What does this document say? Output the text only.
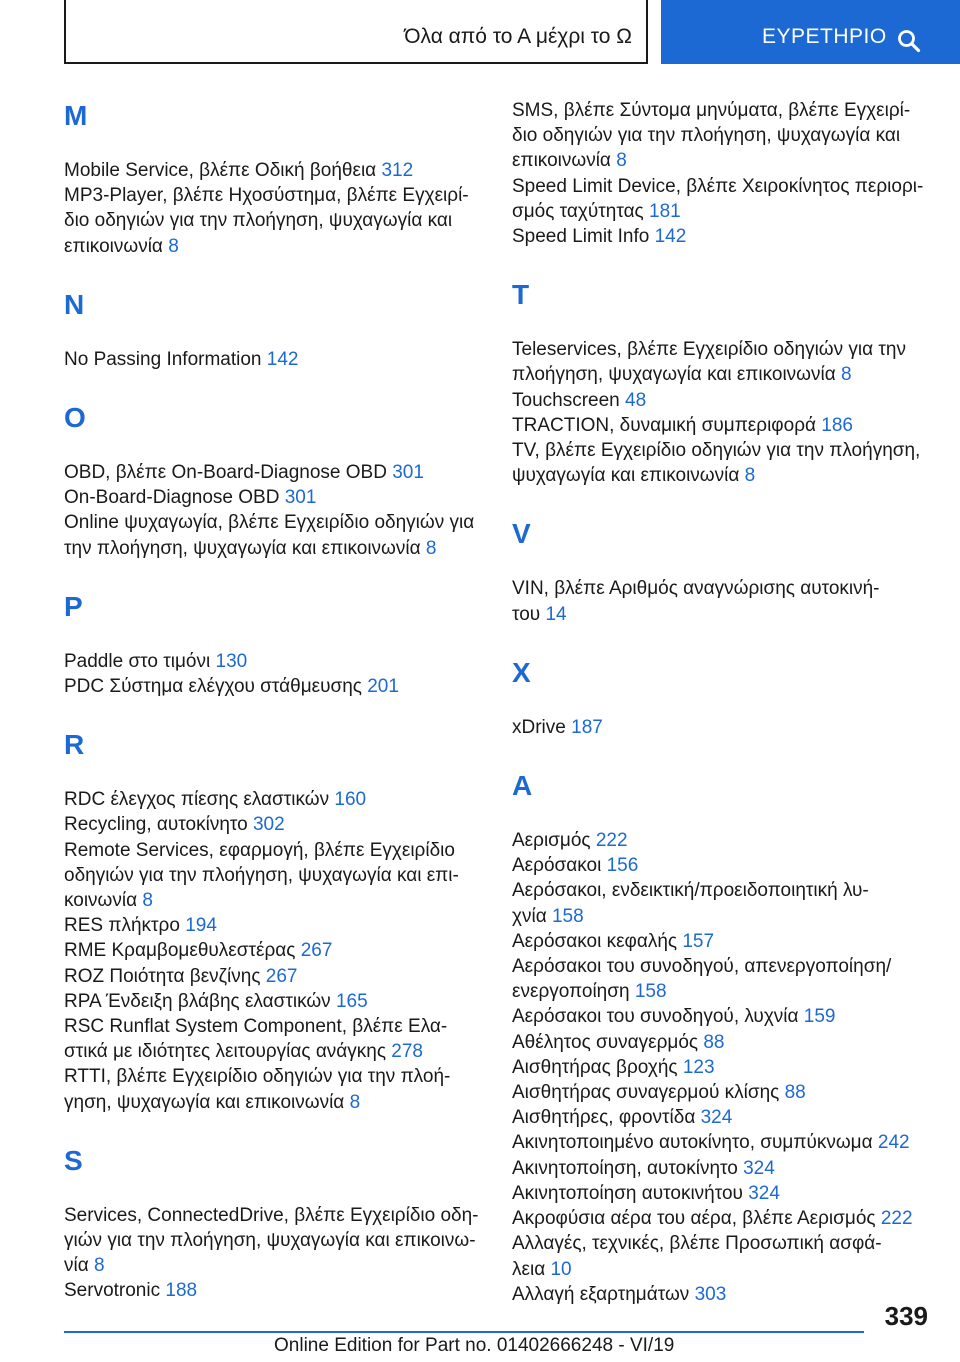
Όλα από το Α μέχρι το Ω	ΕΥΡΕΤΗΡΙΟ
M
Mobile Service, βλέπε Οδική βοήθεια 312
MP3-Player, βλέπε Ηχοσύστημα, βλέπε Εγχειρί-
διο οδηγιών για την πλοήγηση, ψυχαγωγία και
επικοινωνία 8
N
No Passing Information 142
O
OBD, βλέπε On-Board-Diagnose OBD 301
On-Board-Diagnose OBD 301
Online ψυχαγωγία, βλέπε Εγχειρίδιο οδηγιών για
την πλοήγηση, ψυχαγωγία και επικοινωνία 8
P
Paddle στο τιμόνι 130
PDC Σύστημα ελέγχου στάθμευσης 201
R
RDC έλεγχος πίεσης ελαστικών 160
Recycling, αυτοκίνητο 302
Remote Services, εφαρμογή, βλέπε Εγχειρίδιο
οδηγιών για την πλοήγηση, ψυχαγωγία και επι-
κοινωνία 8
RES πλήκτρο 194
RME Κραμβομεθυλεστέρας 267
ROZ Ποιότητα βενζίνης 267
RPA Ένδειξη βλάβης ελαστικών 165
RSC Runflat System Component, βλέπε Ελα-
στικά με ιδιότητες λειτουργίας ανάγκης 278
RTTI, βλέπε Εγχειρίδιο οδηγιών για την πλοή-
γηση, ψυχαγωγία και επικοινωνία 8
S
Services, ConnectedDrive, βλέπε Εγχειρίδιο οδη-
γιών για την πλοήγηση, ψυχαγωγία και επικοινω-
νία 8
Servotronic 188
SMS, βλέπε Σύντομα μηνύματα, βλέπε Εγχειρί-
διο οδηγιών για την πλοήγηση, ψυχαγωγία και
επικοινωνία 8
Speed Limit Device, βλέπε Χειροκίνητος περιορι-
σμός ταχύτητας 181
Speed Limit Info 142
T
Teleservices, βλέπε Εγχειρίδιο οδηγιών για την
πλοήγηση, ψυχαγωγία και επικοινωνία 8
Touchscreen 48
TRACTION, δυναμική συμπεριφορά 186
TV, βλέπε Εγχειρίδιο οδηγιών για την πλοήγηση,
ψυχαγωγία και επικοινωνία 8
V
VIN, βλέπε Αριθμός αναγνώρισης αυτοκινή-
του 14
X
xDrive 187
Α
Αερισμός 222
Αερόσακοι 156
Αερόσακοι, ενδεικτική/προειδοποιητική λυ-
χνία 158
Αερόσακοι κεφαλής 157
Αερόσακοι του συνοδηγού, απενεργοποίηση/
ενεργοποίηση 158
Αερόσακοι του συνοδηγού, λυχνία 159
Αθέλητος συναγερμός 88
Αισθητήρας βροχής 123
Αισθητήρας συναγερμού κλίσης 88
Αισθητήρες, φροντίδα 324
Ακινητοποιημένο αυτοκίνητο, συμπύκνωμα 242
Ακινητοποίηση, αυτοκίνητο 324
Ακινητοποίηση αυτοκινήτου 324
Ακροφύσια αέρα του αέρα, βλέπε Αερισμός 222
Αλλαγές, τεχνικές, βλέπε Προσωπική ασφά-
λεια 10
Αλλαγή εξαρτημάτων 303
339
Online Edition for Part no. 01402666248 - VI/19
